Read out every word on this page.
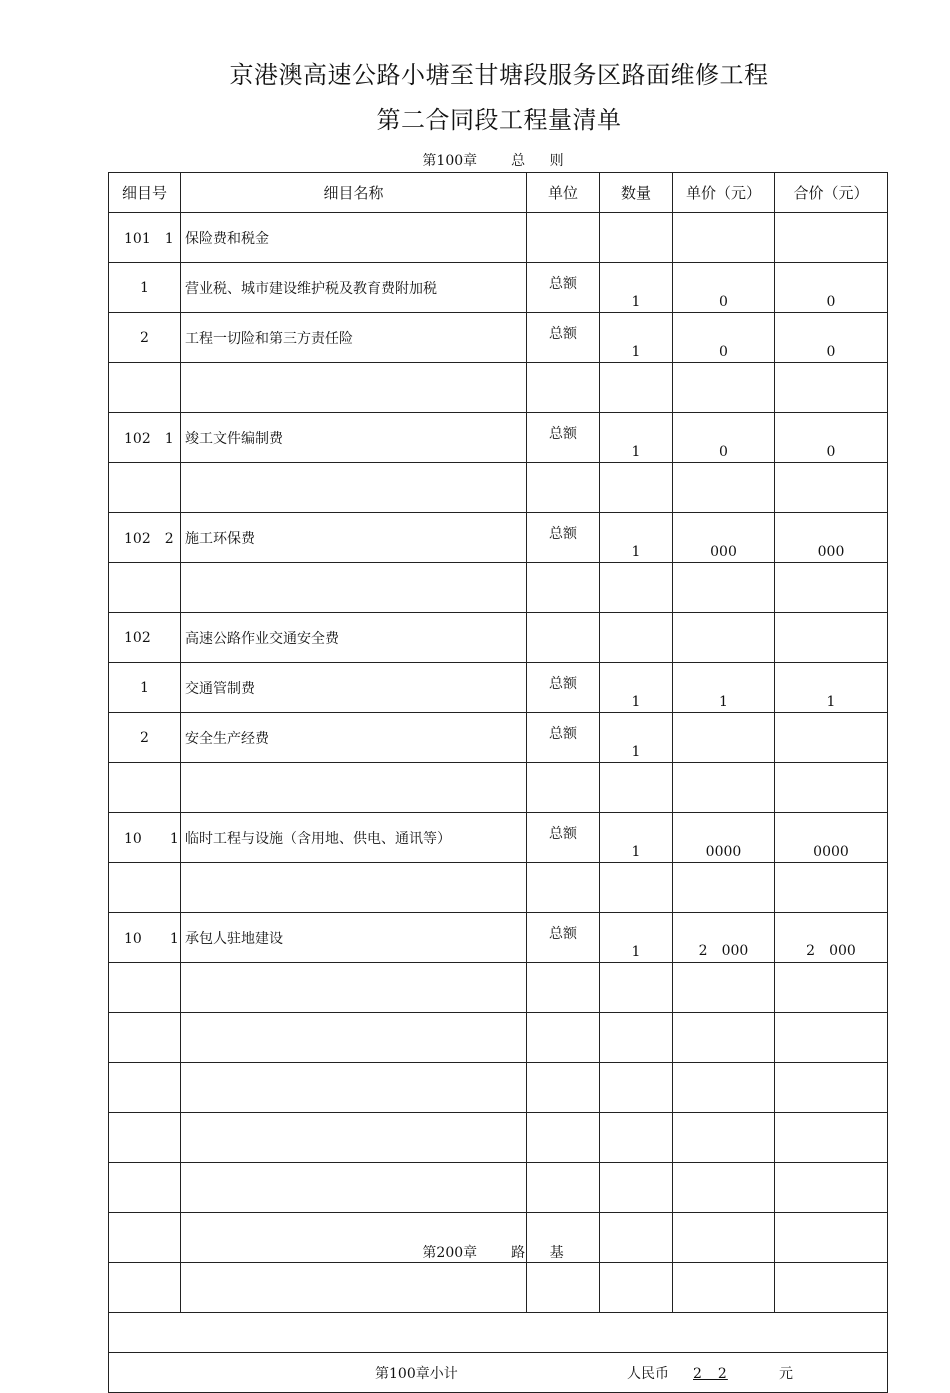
京港澳高速公路小塘至甘塘段服务区路面维修工程
第二合同段工程量清单
第100章 总 则
细目号	细目名称	单位	数量	单价（元）	合价（元）
101　1	保险费和税金				
1	营业税、城市建设维护税及教育费附加税	总额	1	0	0
2	工程一切险和第三方责任险	总额	1	0	0

102　1	竣工文件编制费	总额	1	0	0

102　2	施工环保费	总额	1	000	000

102	高速公路作业交通安全费				
1	交通管制费	总额	1	1	1
2	安全生产经费	总额	1		

10　　1	临时工程与设施（含用地、供电、通讯等）	总额	1	0000	0000

10　　1	承包人驻地建设	总额	1	2　000	2　000

第100章小计 人民币 2　2 元					
第200章 路 基
